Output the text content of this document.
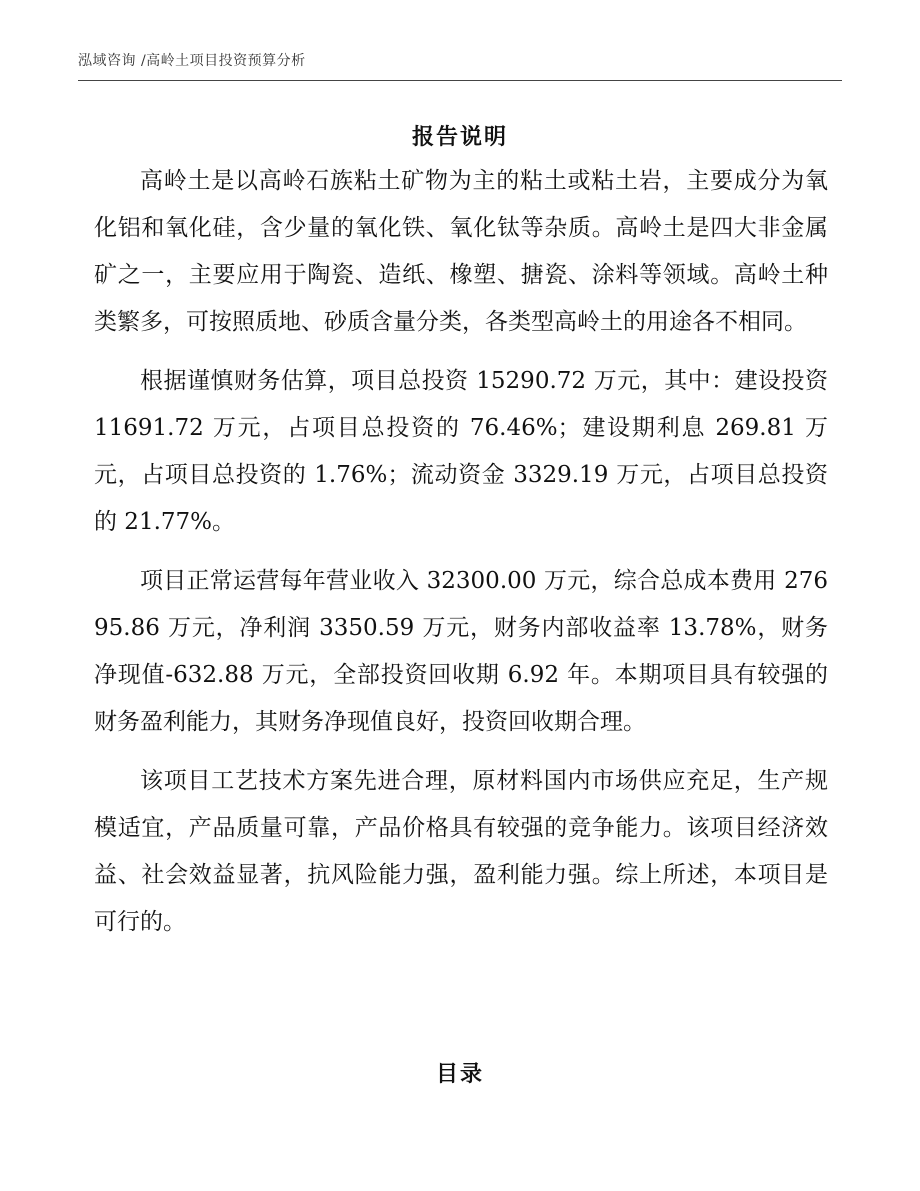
泓域咨询 /高岭土项目投资预算分析
报告说明

高岭土是以高岭石族粘土矿物为主的粘土或粘土岩，主要成分为氧化铝和氧化硅，含少量的氧化铁、氧化钛等杂质。高岭土是四大非金属矿之一，主要应用于陶瓷、造纸、橡塑、搪瓷、涂料等领域。高岭土种类繁多，可按照质地、砂质含量分类，各类型高岭土的用途各不相同。

根据谨慎财务估算，项目总投资 15290.72 万元，其中：建设投资 11691.72 万元，占项目总投资的 76.46%；建设期利息 269.81 万元，占项目总投资的 1.76%；流动资金 3329.19 万元，占项目总投资的 21.77%。

项目正常运营每年营业收入 32300.00 万元，综合总成本费用 27695.86 万元，净利润 3350.59 万元，财务内部收益率 13.78%，财务净现值-632.88 万元，全部投资回收期 6.92 年。本期项目具有较强的财务盈利能力，其财务净现值良好，投资回收期合理。

该项目工艺技术方案先进合理，原材料国内市场供应充足，生产规模适宜，产品质量可靠，产品价格具有较强的竞争能力。该项目经济效益、社会效益显著，抗风险能力强，盈利能力强。综上所述，本项目是可行的。

目录
